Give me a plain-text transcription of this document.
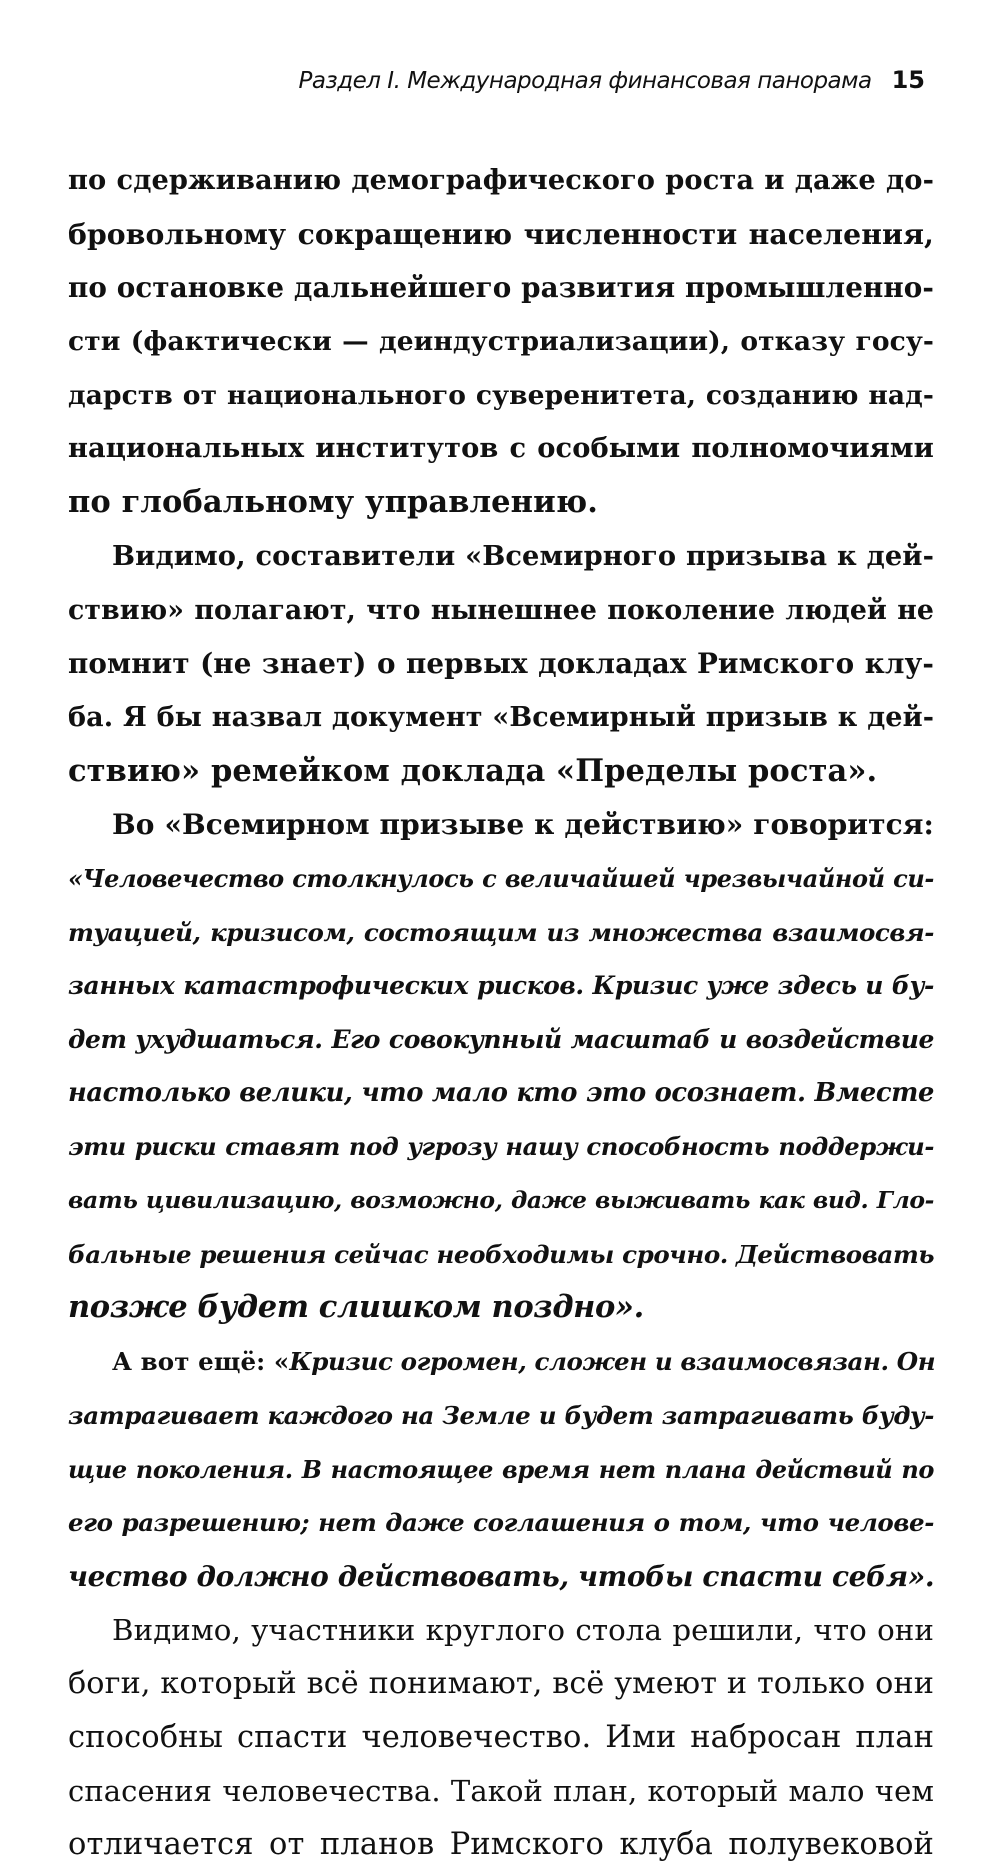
Раздел I. Международная финансовая панорама 15
по сдерживанию демографического роста и даже до-
бровольному сокращению численности населения,
по остановке дальнейшего развития промышленно-
сти (фактически — деиндустриализации), отказу госу-
дарств от национального суверенитета, созданию над-
национальных институтов с особыми полномочиями
по глобальному управлению.
Видимо, составители «Всемирного призыва к дей-
ствию» полагают, что нынешнее поколение людей не
помнит (не знает) о первых докладах Римского клу-
ба. Я бы назвал документ «Всемирный призыв к дей-
ствию» ремейком доклада «Пределы роста».
Во «Всемирном призыве к действию» говорится:
«Человечество столкнулось с величайшей чрезвычайной си-
туацией, кризисом, состоящим из множества взаимосвя-
занных катастрофических рисков. Кризис уже здесь и бу-
дет ухудшаться. Его совокупный масштаб и воздействие
настолько велики, что мало кто это осознает. Вместе
эти риски ставят под угрозу нашу способность поддержи-
вать цивилизацию, возможно, даже выживать как вид. Гло-
бальные решения сейчас необходимы срочно. Действовать
позже будет слишком поздно».
А вот ещё: «Кризис огромен, сложен и взаимосвязан. Он
затрагивает каждого на Земле и будет затрагивать буду-
щие поколения. В настоящее время нет плана действий по
его разрешению; нет даже соглашения о том, что челове-
чество должно действовать, чтобы спасти себя».
Видимо, участники круглого стола решили, что они
боги, который всё понимают, всё умеют и только они
способны спасти человечество. Ими набросан план
спасения человечества. Такой план, который мало чем
отличается от планов Римского клуба полувековой
